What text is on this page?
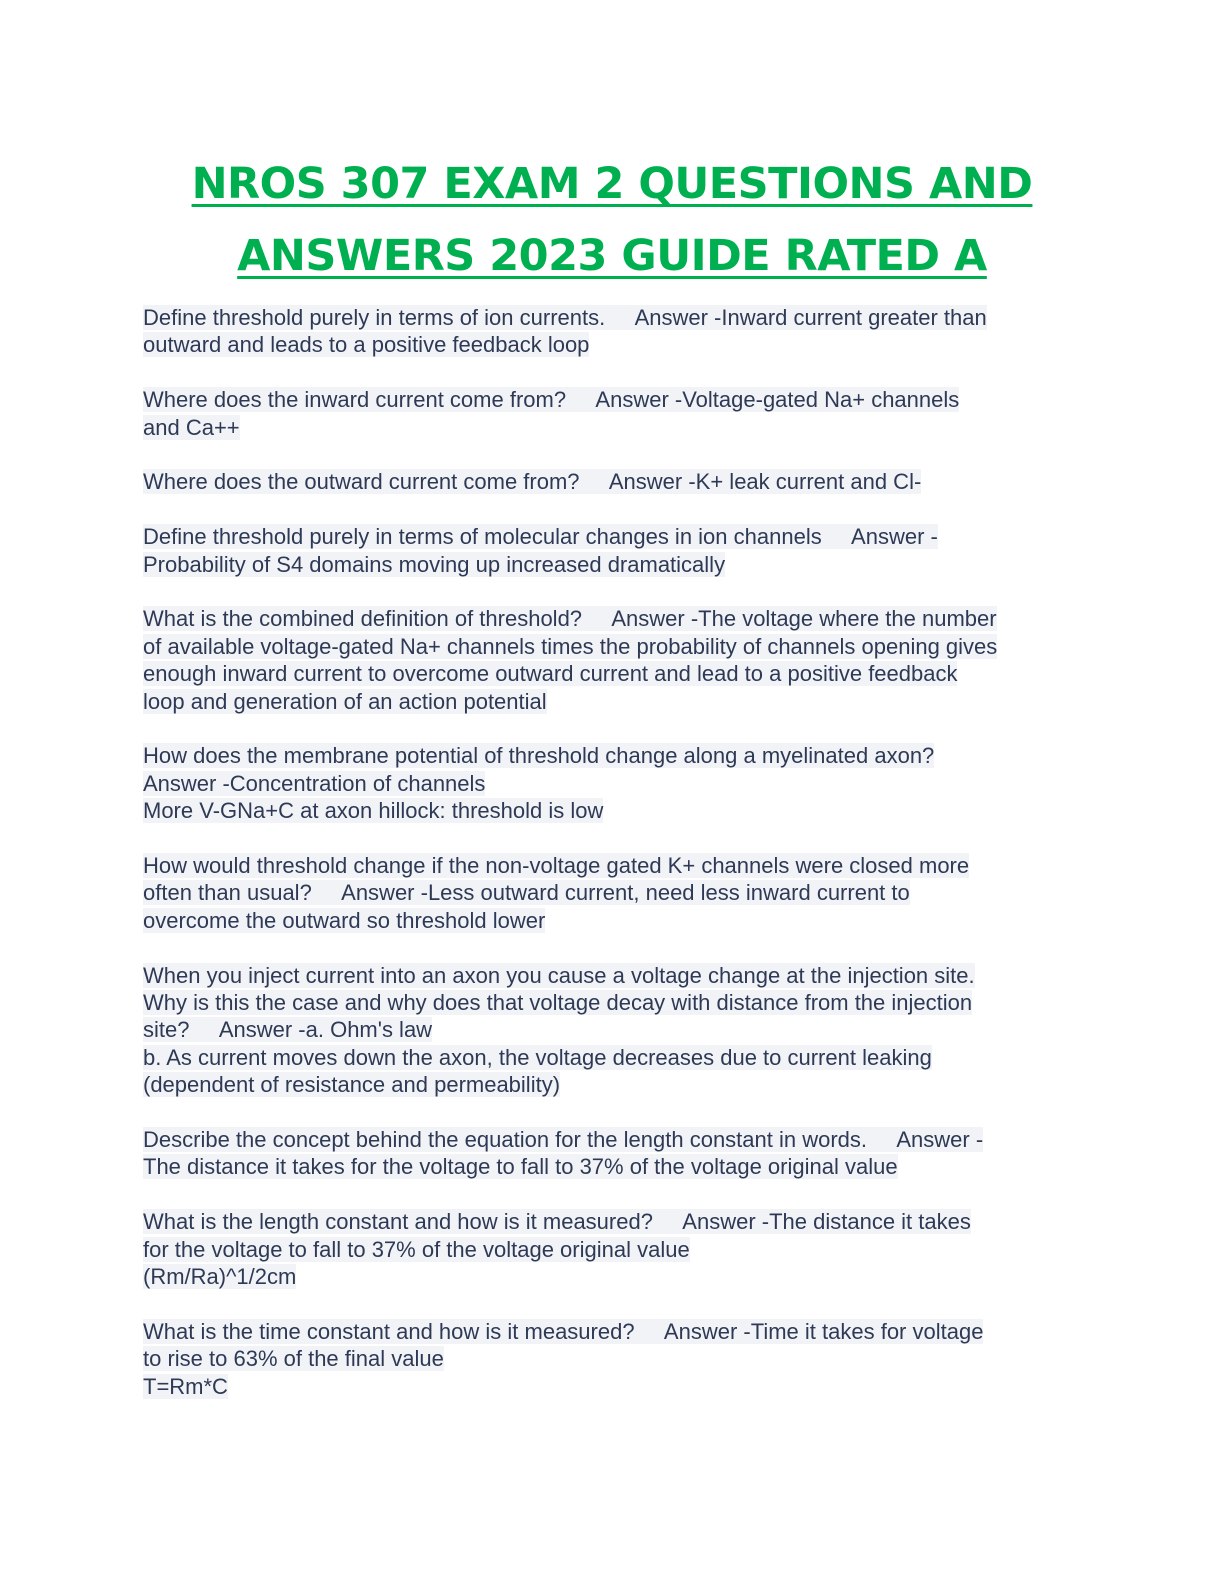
NROS 307 EXAM 2 QUESTIONS AND
ANSWERS 2023 GUIDE RATED A
Define threshold purely in terms of ion currents.     Answer -Inward current greater than
outward and leads to a positive feedback loop
Where does the inward current come from?     Answer -Voltage-gated Na+ channels
and Ca++
Where does the outward current come from?     Answer -K+ leak current and Cl-
Define threshold purely in terms of molecular changes in ion channels     Answer -
Probability of S4 domains moving up increased dramatically
What is the combined definition of threshold?     Answer -The voltage where the number
of available voltage-gated Na+ channels times the probability of channels opening gives
enough inward current to overcome outward current and lead to a positive feedback
loop and generation of an action potential
How does the membrane potential of threshold change along a myelinated axon?
Answer -Concentration of channels
More V-GNa+C at axon hillock: threshold is low
How would threshold change if the non-voltage gated K+ channels were closed more
often than usual?     Answer -Less outward current, need less inward current to
overcome the outward so threshold lower
When you inject current into an axon you cause a voltage change at the injection site.
Why is this the case and why does that voltage decay with distance from the injection
site?     Answer -a. Ohm's law
b. As current moves down the axon, the voltage decreases due to current leaking
(dependent of resistance and permeability)
Describe the concept behind the equation for the length constant in words.     Answer -
The distance it takes for the voltage to fall to 37% of the voltage original value
What is the length constant and how is it measured?     Answer -The distance it takes
for the voltage to fall to 37% of the voltage original value
(Rm/Ra)^1/2cm
What is the time constant and how is it measured?     Answer -Time it takes for voltage
to rise to 63% of the final value
T=Rm*C
